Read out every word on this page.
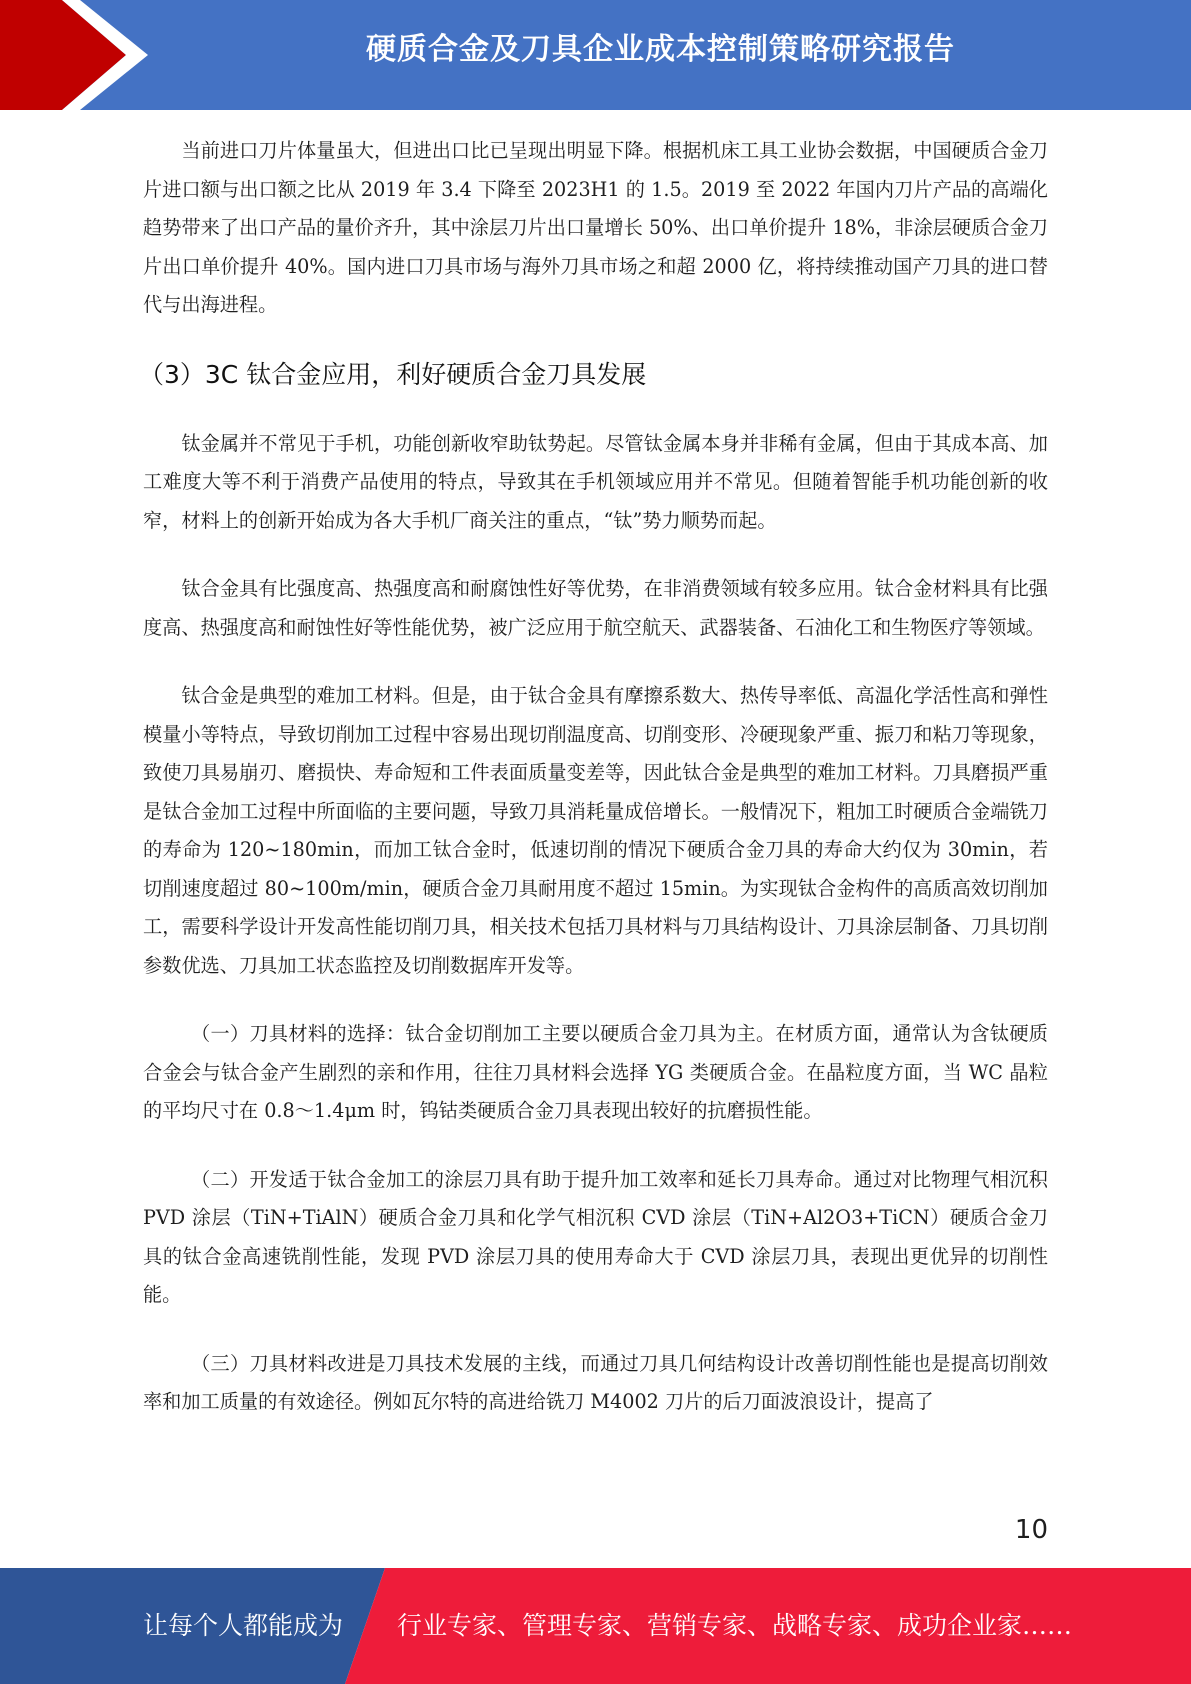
硬质合金及刀具企业成本控制策略研究报告

当前进口刀片体量虽大，但进出口比已呈现出明显下降。根据机床工具工业协会数据，中国硬质合金刀片进口额与出口额之比从 2019 年 3.4 下降至 2023H1 的 1.5。2019 至 2022 年国内刀片产品的高端化趋势带来了出口产品的量价齐升，其中涂层刀片出口量增长 50%、出口单价提升 18%，非涂层硬质合金刀片出口单价提升 40%。国内进口刀具市场与海外刀具市场之和超 2000 亿，将持续推动国产刀具的进口替代与出海进程。

（3）3C 钛合金应用，利好硬质合金刀具发展

钛金属并不常见于手机，功能创新收窄助钛势起。尽管钛金属本身并非稀有金属，但由于其成本高、加工难度大等不利于消费产品使用的特点，导致其在手机领域应用并不常见。但随着智能手机功能创新的收窄，材料上的创新开始成为各大手机厂商关注的重点，“钛”势力顺势而起。

钛合金具有比强度高、热强度高和耐腐蚀性好等优势，在非消费领域有较多应用。钛合金材料具有比强度高、热强度高和耐蚀性好等性能优势，被广泛应用于航空航天、武器装备、石油化工和生物医疗等领域。

钛合金是典型的难加工材料。但是，由于钛合金具有摩擦系数大、热传导率低、高温化学活性高和弹性模量小等特点，导致切削加工过程中容易出现切削温度高、切削变形、冷硬现象严重、振刀和粘刀等现象，致使刀具易崩刃、磨损快、寿命短和工件表面质量变差等，因此钛合金是典型的难加工材料。刀具磨损严重是钛合金加工过程中所面临的主要问题，导致刀具消耗量成倍增长。一般情况下，粗加工时硬质合金端铣刀的寿命为 120~180min，而加工钛合金时，低速切削的情况下硬质合金刀具的寿命大约仅为 30min，若切削速度超过 80~100m/min，硬质合金刀具耐用度不超过 15min。为实现钛合金构件的高质高效切削加工，需要科学设计开发高性能切削刀具，相关技术包括刀具材料与刀具结构设计、刀具涂层制备、刀具切削参数优选、刀具加工状态监控及切削数据库开发等。

（一）刀具材料的选择：钛合金切削加工主要以硬质合金刀具为主。在材质方面，通常认为含钛硬质合金会与钛合金产生剧烈的亲和作用，往往刀具材料会选择 YG 类硬质合金。在晶粒度方面，当 WC 晶粒的平均尺寸在 0.8～1.4μm 时，钨钴类硬质合金刀具表现出较好的抗磨损性能。

（二）开发适于钛合金加工的涂层刀具有助于提升加工效率和延长刀具寿命。通过对比物理气相沉积 PVD 涂层（TiN+TiAlN）硬质合金刀具和化学气相沉积 CVD 涂层（TiN+Al2O3+TiCN）硬质合金刀具的钛合金高速铣削性能，发现 PVD 涂层刀具的使用寿命大于 CVD 涂层刀具，表现出更优异的切削性能。

（三）刀具材料改进是刀具技术发展的主线，而通过刀具几何结构设计改善切削性能也是提高切削效率和加工质量的有效途径。例如瓦尔特的高进给铣刀 M4002 刀片的后刀面波浪设计，提高了

10
让每个人都能成为 行业专家、管理专家、营销专家、战略专家、成功企业家……
